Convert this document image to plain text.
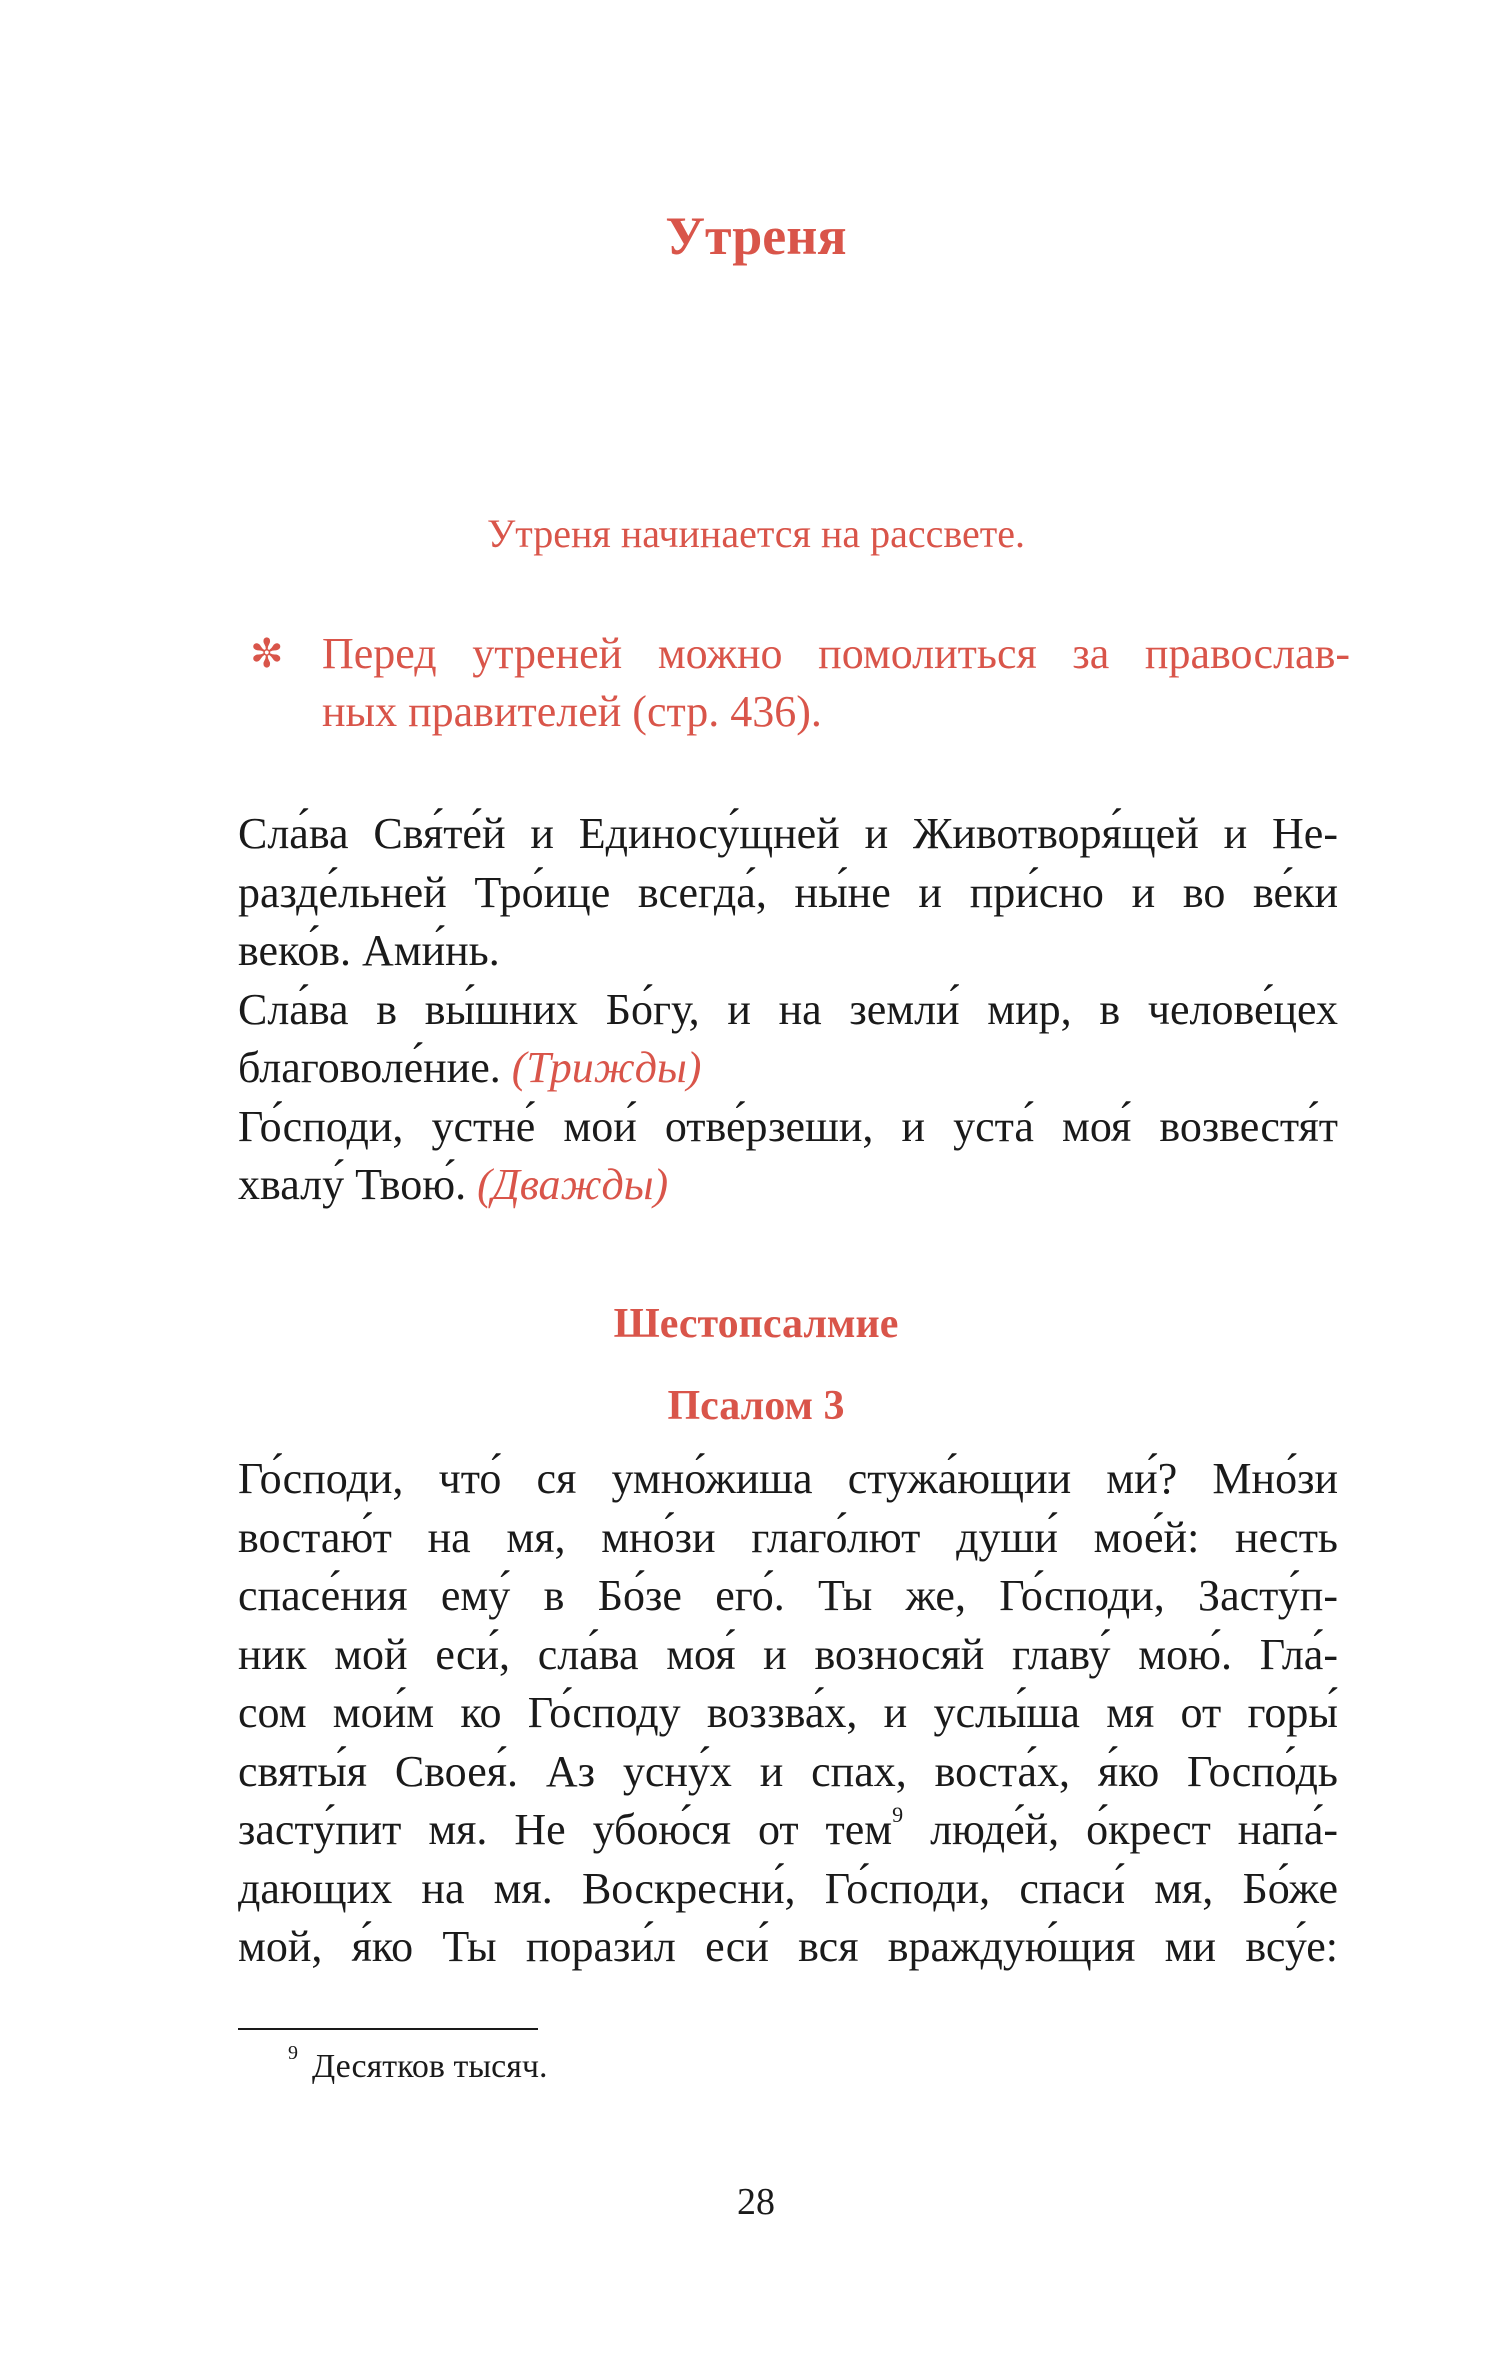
Утреня

Утреня начинается на рассвете.

✼ Перед утреней можно помолиться за православ-
ных правителей (стр. 436).

Сла́ва Свя́те́й и Единосу́щней и Животворя́щей и Не-
разде́льней Тро́ице всегда́, ны́не и при́сно и во ве́ки
веко́в. Ами́нь.

Сла́ва в вы́шних Бо́гу, и на земли́ мир, в челове́цех
благоволе́ние. (Трижды)

Го́споди, устне́ мои́ отве́рзеши, и уста́ моя́ возвестя́т
хвалу́ Твою́. (Дважды)

Шестопсалмие
Псалом 3

Го́споди, что́ ся умно́жиша стужа́ющии ми́? Мно́зи
востаю́т на мя, мно́зи глаго́лют души́ мое́й: несть
спасе́ния ему́ в Бо́зе его́. Ты же, Го́споди, Засту́п-
ник мой еси́, сла́ва моя́ и возносяй главу́ мою́. Гла́-
сом мои́м ко Го́споду воззва́х, и услы́ша мя от горы́
святы́я Своея́. Аз усну́х и спах, воста́х, я́ко Госпо́дь
засту́пит мя. Не убою́ся от тем$^9$ люде́й, о́крест напа́-
дающих на мя. Воскресни́, Го́споди, спаси́ мя, Бо́же
мой, я́ко Ты порази́л еси́ вся враждую́щия ми всу́е:

$^9$ Десятков тысяч.

28
